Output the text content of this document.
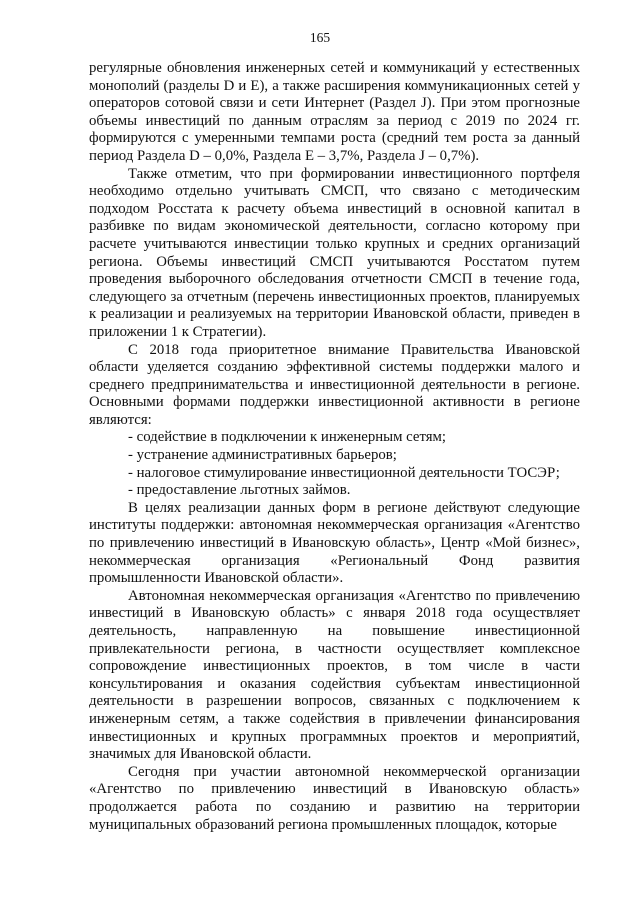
165

регулярные обновления инженерных сетей и коммуникаций у естественных монополий (разделы D и E), а также расширения коммуникационных сетей у операторов сотовой связи и сети Интернет (Раздел J). При этом прогнозные объемы инвестиций по данным отраслям за период с 2019 по 2024 гг. формируются с умеренными темпами роста (средний тем роста за данный период Раздела D – 0,0%, Раздела E – 3,7%, Раздела J – 0,7%).

Также отметим, что при формировании инвестиционного портфеля необходимо отдельно учитывать СМСП, что связано с методическим подходом Росстата к расчету объема инвестиций в основной капитал в разбивке по видам экономической деятельности, согласно которому при расчете учитываются инвестиции только крупных и средних организаций региона. Объемы инвестиций СМСП учитываются Росстатом путем проведения выборочного обследования отчетности СМСП в течение года, следующего за отчетным (перечень инвестиционных проектов, планируемых к реализации и реализуемых на территории Ивановской области, приведен в приложении 1 к Стратегии).

С 2018 года приоритетное внимание Правительства Ивановской области уделяется созданию эффективной системы поддержки малого и среднего предпринимательства и инвестиционной деятельности в регионе. Основными формами поддержки инвестиционной активности в регионе являются:

- содействие в подключении к инженерным сетям;

- устранение административных барьеров;

- налоговое стимулирование инвестиционной деятельности ТОСЭР;

- предоставление льготных займов.

В целях реализации данных форм в регионе действуют следующие институты поддержки: автономная некоммерческая организация «Агентство по привлечению инвестиций в Ивановскую область», Центр «Мой бизнес», некоммерческая организация «Региональный Фонд развития промышленности Ивановской области».

Автономная некоммерческая организация «Агентство по привлечению инвестиций в Ивановскую область» с января 2018 года осуществляет деятельность, направленную на повышение инвестиционной привлекательности региона, в частности осуществляет комплексное сопровождение инвестиционных проектов, в том числе в части консультирования и оказания содействия субъектам инвестиционной деятельности в разрешении вопросов, связанных с подключением к инженерным сетям, а также содействия в привлечении финансирования инвестиционных и крупных программных проектов и мероприятий, значимых для Ивановской области.

Сегодня при участии автономной некоммерческой организации «Агентство по привлечению инвестиций в Ивановскую область» продолжается работа по созданию и развитию на территории муниципальных образований региона промышленных площадок, которые
